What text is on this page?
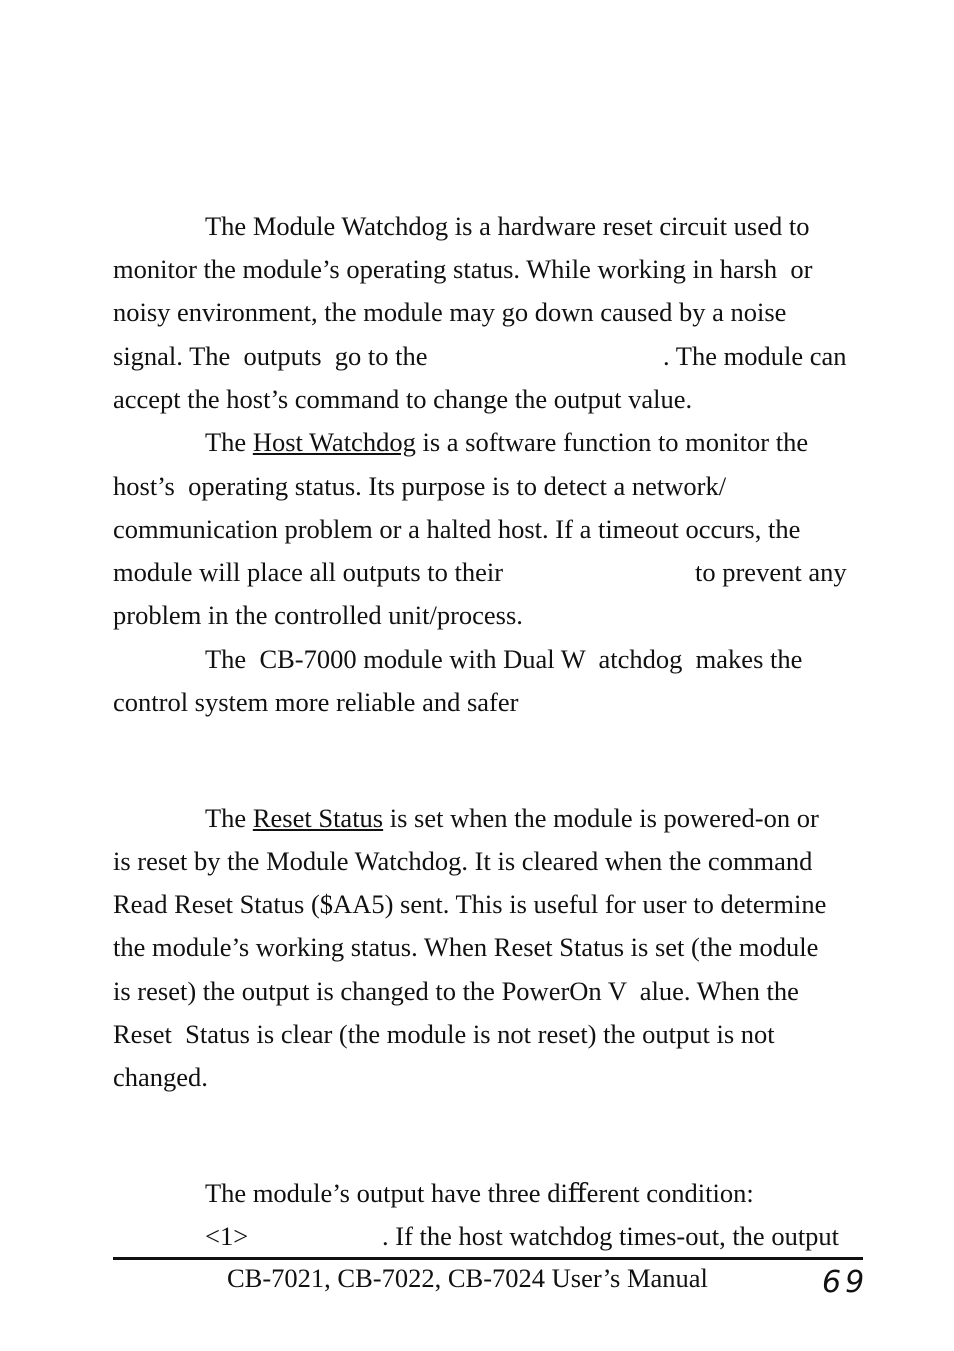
The Module Watchdog is a hardware reset circuit used to
monitor the module’s operating status. While working in harsh  or
noisy environment, the module may go down caused by a noise
signal. The  outputs  go to the	. The module can
accept the host’s command to change the output value.
The Host Watchdog is a software function to monitor the
host’s  operating status. Its purpose is to detect a network/
communication problem or a halted host. If a timeout occurs, the
module will place all outputs to their	to prevent any
problem in the controlled unit/process.
The  CB-7000 module with Dual W  atchdog  makes the
control system more reliable and safer
The Reset Status is set when the module is powered-on or
is reset by the Module Watchdog. It is cleared when the command
Read Reset Status ($AA5) sent. This is useful for user to determine
the module’s working status. When Reset Status is set (the module
is reset) the output is changed to the PowerOn V  alue. When the
Reset  Status is clear (the module is not reset) the output is not
changed.
The module’s output have three diﬀerent condition:
<1>	. If the host watchdog times-out, the output
CB-7021, CB-7022, CB-7024 User’s Manual	69
